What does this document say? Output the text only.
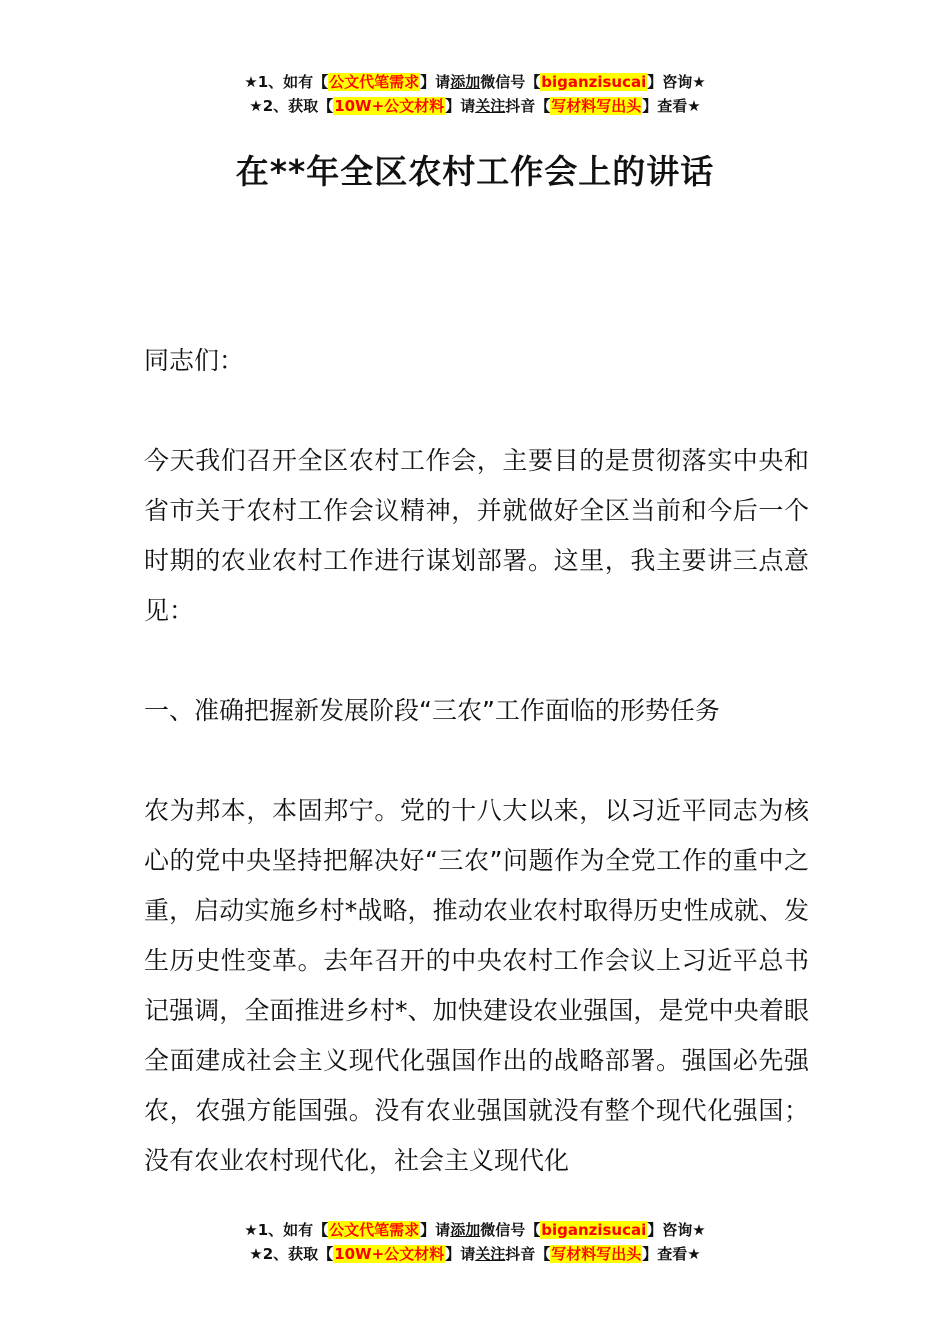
★1、如有【公文代笔需求】请添加微信号【biganzisucai】咨询★
★2、获取【10W+公文材料】请关注抖音【写材料写出头】查看★
在**年全区农村工作会上的讲话

同志们：

今天我们召开全区农村工作会，主要目的是贯彻落实中央和省市关于农村工作会议精神，并就做好全区当前和今后一个时期的农业农村工作进行谋划部署。这里，我主要讲三点意见：

一、准确把握新发展阶段“三农”工作面临的形势任务

农为邦本，本固邦宁。党的十八大以来，以习近平同志为核心的党中央坚持把解决好“三农”问题作为全党工作的重中之重，启动实施乡村*战略，推动农业农村取得历史性成就、发生历史性变革。去年召开的中央农村工作会议上习近平总书记强调，全面推进乡村*、加快建设农业强国，是党中央着眼全面建成社会主义现代化强国作出的战略部署。强国必先强农，农强方能国强。没有农业强国就没有整个现代化强国；没有农业农村现代化，社会主义现代化

★1、如有【公文代笔需求】请添加微信号【biganzisucai】咨询★
★2、获取【10W+公文材料】请关注抖音【写材料写出头】查看★
